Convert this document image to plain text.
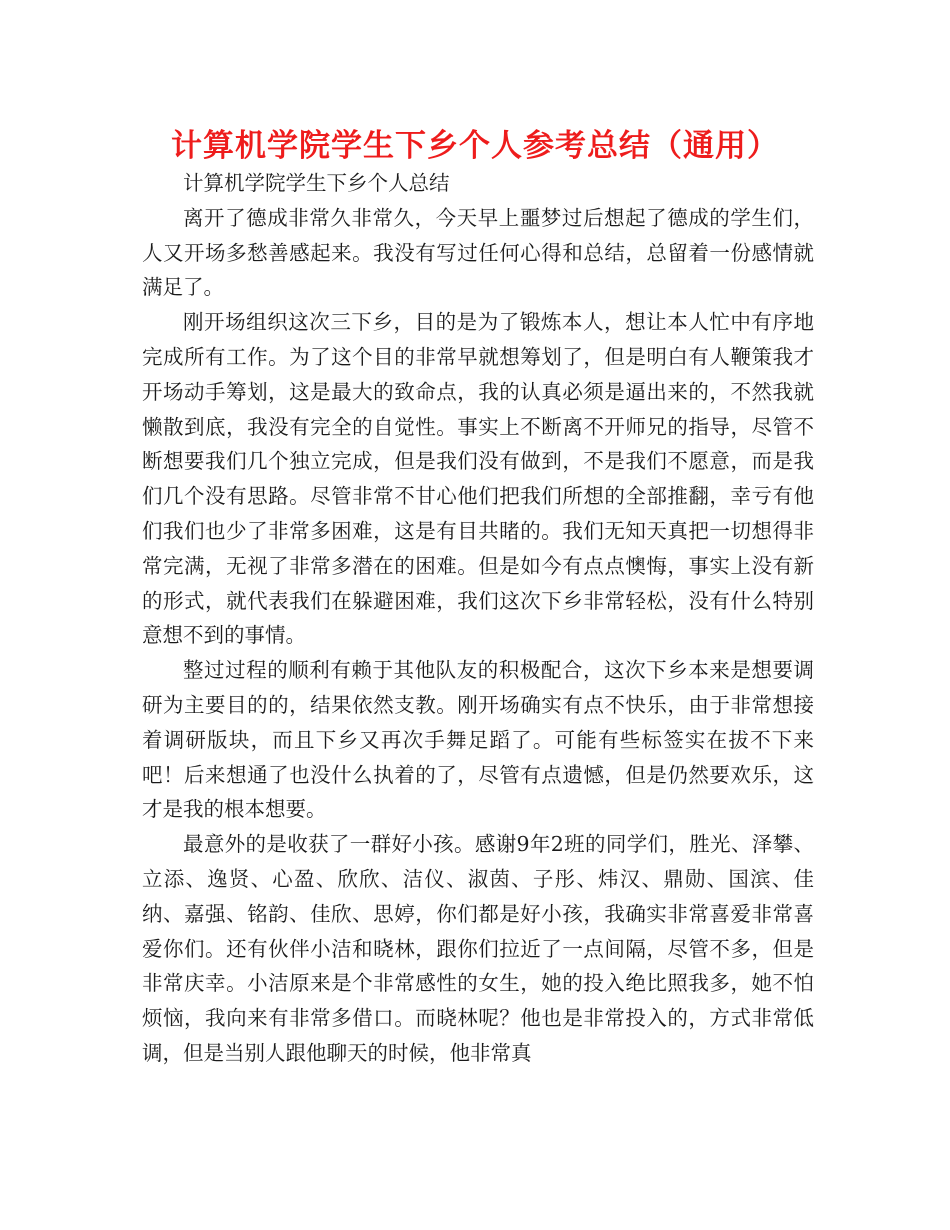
计算机学院学生下乡个人参考总结（通用）

计算机学院学生下乡个人总结

离开了德成非常久非常久，今天早上噩梦过后想起了德成的学生们，人又开场多愁善感起来。我没有写过任何心得和总结，总留着一份感情就满足了。

刚开场组织这次三下乡，目的是为了锻炼本人，想让本人忙中有序地完成所有工作。为了这个目的非常早就想筹划了，但是明白有人鞭策我才开场动手筹划，这是最大的致命点，我的认真必须是逼出来的，不然我就懒散到底，我没有完全的自觉性。事实上不断离不开师兄的指导，尽管不断想要我们几个独立完成，但是我们没有做到，不是我们不愿意，而是我们几个没有思路。尽管非常不甘心他们把我们所想的全部推翻，幸亏有他们我们也少了非常多困难，这是有目共睹的。我们无知天真把一切想得非常完满，无视了非常多潜在的困难。但是如今有点点懊悔，事实上没有新的形式，就代表我们在躲避困难，我们这次下乡非常轻松，没有什么特别意想不到的事情。

整过过程的顺利有赖于其他队友的积极配合，这次下乡本来是想要调研为主要目的的，结果依然支教。刚开场确实有点不快乐，由于非常想接着调研版块，而且下乡又再次手舞足蹈了。可能有些标签实在拔不下来吧！后来想通了也没什么执着的了，尽管有点遗憾，但是仍然要欢乐，这才是我的根本想要。

最意外的是收获了一群好小孩。感谢9年2班的同学们，胜光、泽攀、立添、逸贤、心盈、欣欣、洁仪、淑茵、子彤、炜汉、鼎勋、国滨、佳纳、嘉强、铭韵、佳欣、思婷，你们都是好小孩，我确实非常喜爱非常喜爱你们。还有伙伴小洁和晓林，跟你们拉近了一点间隔，尽管不多，但是非常庆幸。小洁原来是个非常感性的女生，她的投入绝比照我多，她不怕烦恼，我向来有非常多借口。而晓林呢？他也是非常投入的，方式非常低调，但是当别人跟他聊天的时候，他非常真
